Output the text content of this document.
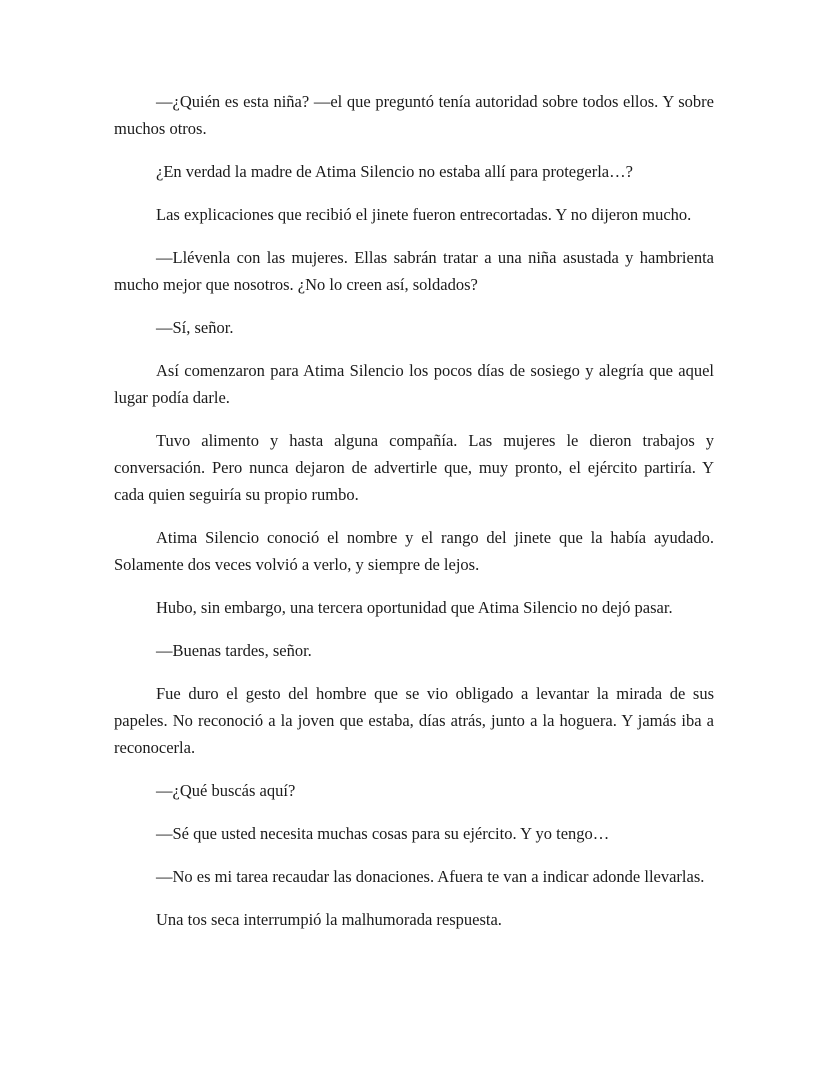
—¿Quién es esta niña? —el que preguntó tenía autoridad sobre todos ellos. Y sobre muchos otros.

¿En verdad la madre de Atima Silencio no estaba allí para protegerla…?

Las explicaciones que recibió el jinete fueron entrecortadas. Y no dijeron mucho.

—Llévenla con las mujeres. Ellas sabrán tratar a una niña asustada y hambrienta mucho mejor que nosotros. ¿No lo creen así, soldados?

—Sí, señor.

Así comenzaron para Atima Silencio los pocos días de sosiego y alegría que aquel lugar podía darle.

Tuvo alimento y hasta alguna compañía. Las mujeres le dieron trabajos y conversación. Pero nunca dejaron de advertirle que, muy pronto, el ejército partiría. Y cada quien seguiría su propio rumbo.

Atima Silencio conoció el nombre y el rango del jinete que la había ayudado. Solamente dos veces volvió a verlo, y siempre de lejos.

Hubo, sin embargo, una tercera oportunidad que Atima Silencio no dejó pasar.

—Buenas tardes, señor.

Fue duro el gesto del hombre que se vio obligado a levantar la mirada de sus papeles. No reconoció a la joven que estaba, días atrás, junto a la hoguera. Y jamás iba a reconocerla.

—¿Qué buscás aquí?

—Sé que usted necesita muchas cosas para su ejército. Y yo tengo…

—No es mi tarea recaudar las donaciones. Afuera te van a indicar adonde llevarlas.

Una tos seca interrumpió la malhumorada respuesta.
